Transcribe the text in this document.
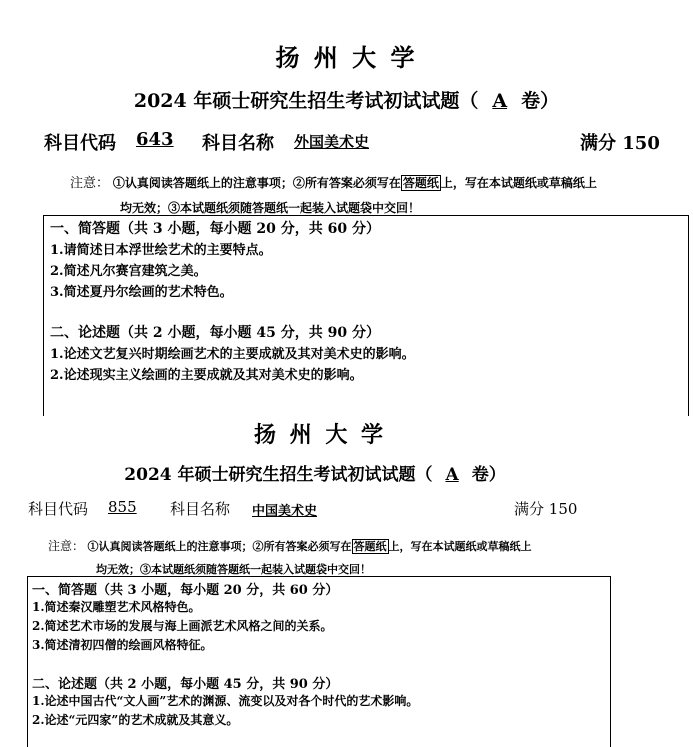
扬 州 大 学
2024 年硕士研究生招生考试初试试题（ A 卷）
科目代码 643 科目名称 外国美术史	满分 150
注意： ①认真阅读答题纸上的注意事项；②所有答案必须写在 答题纸 上，写在本试题纸或草稿纸上
均无效；③本试题纸须随答题纸一起装入试题袋中交回！
一、简答题（共 3 小题，每小题 20 分，共 60 分）
1.请简述日本浮世绘艺术的主要特点。
2.简述凡尔赛宫建筑之美。
3.简述夏丹尔绘画的艺术特色。
二、论述题（共 2 小题，每小题 45 分，共 90 分）
1.论述文艺复兴时期绘画艺术的主要成就及其对美术史的影响。
2.论述现实主义绘画的主要成就及其对美术史的影响。
扬 州 大 学
2024 年硕士研究生招生考试初试试题（ A 卷）
科目代码 855 科目名称 中国美术史	满分 150
注意： ①认真阅读答题纸上的注意事项；②所有答案必须写在 答题纸 上，写在本试题纸或草稿纸上
均无效；③本试题纸须随答题纸一起装入试题袋中交回！
一、简答题（共 3 小题，每小题 20 分，共 60 分）
1.简述秦汉雕塑艺术风格特色。
2.简述艺术市场的发展与海上画派艺术风格之间的关系。
3.简述清初四僧的绘画风格特征。
二、论述题（共 2 小题，每小题 45 分，共 90 分）
1.论述中国古代“文人画”艺术的渊源、流变以及对各个时代的艺术影响。
2.论述“元四家”的艺术成就及其意义。
